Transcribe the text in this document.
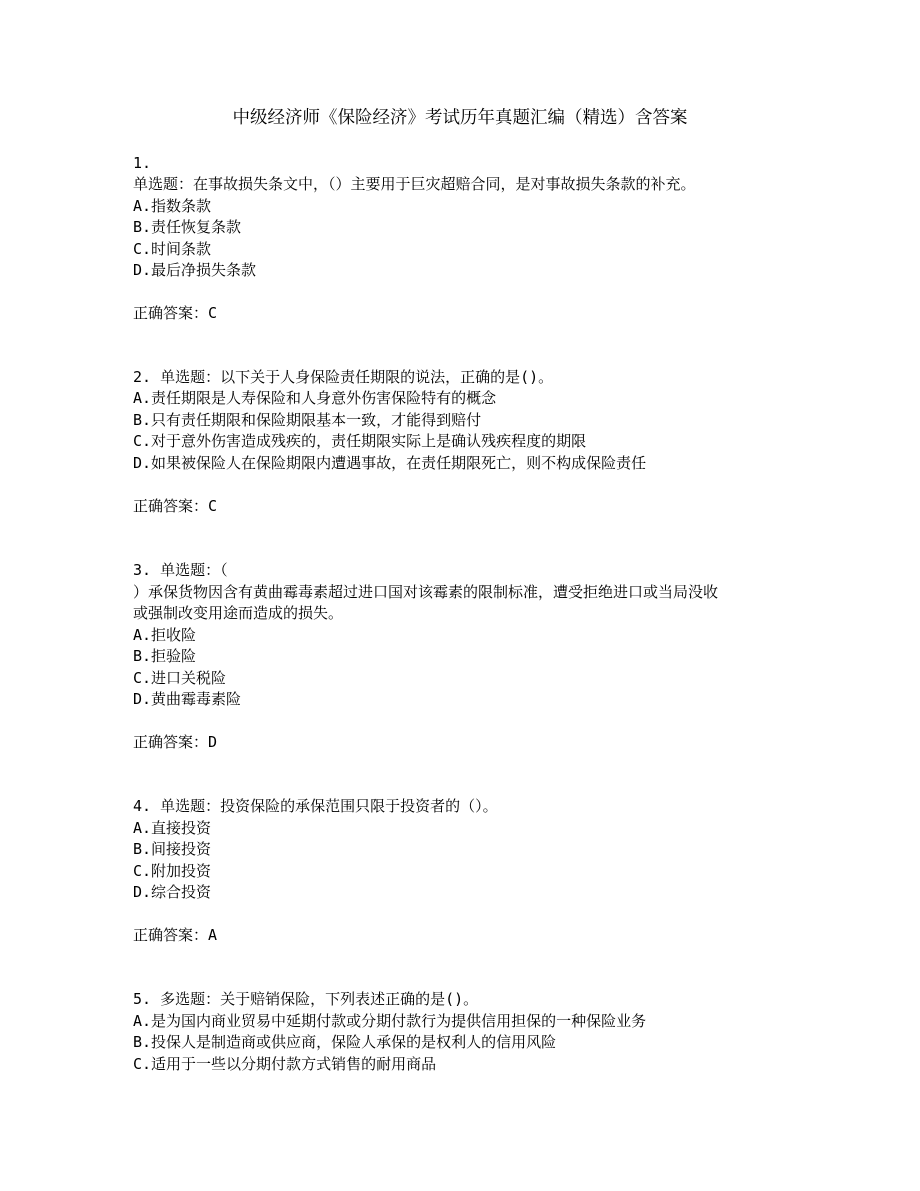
中级经济师《保险经济》考试历年真题汇编（精选）含答案
1.
单选题：在事故损失条文中，（）主要用于巨灾超赔合同，是对事故损失条款的补充。
A.指数条款
B.责任恢复条款
C.时间条款
D.最后净损失条款
正确答案：C
2. 单选题：以下关于人身保险责任期限的说法，正确的是()。
A.责任期限是人寿保险和人身意外伤害保险特有的概念
B.只有责任期限和保险期限基本一致，才能得到赔付
C.对于意外伤害造成残疾的，责任期限实际上是确认残疾程度的期限
D.如果被保险人在保险期限内遭遇事故，在责任期限死亡，则不构成保险责任
正确答案：C
3. 单选题：（
）承保货物因含有黄曲霉毒素超过进口国对该霉素的限制标准，遭受拒绝进口或当局没收
或强制改变用途而造成的损失。
A.拒收险
B.拒验险
C.进口关税险
D.黄曲霉毒素险
正确答案：D
4. 单选题：投资保险的承保范围只限于投资者的（）。
A.直接投资
B.间接投资
C.附加投资
D.综合投资
正确答案：A
5. 多选题：关于赔销保险，下列表述正确的是()。
A.是为国内商业贸易中延期付款或分期付款行为提供信用担保的一种保险业务
B.投保人是制造商或供应商，保险人承保的是权利人的信用风险
C.适用于一些以分期付款方式销售的耐用商品
